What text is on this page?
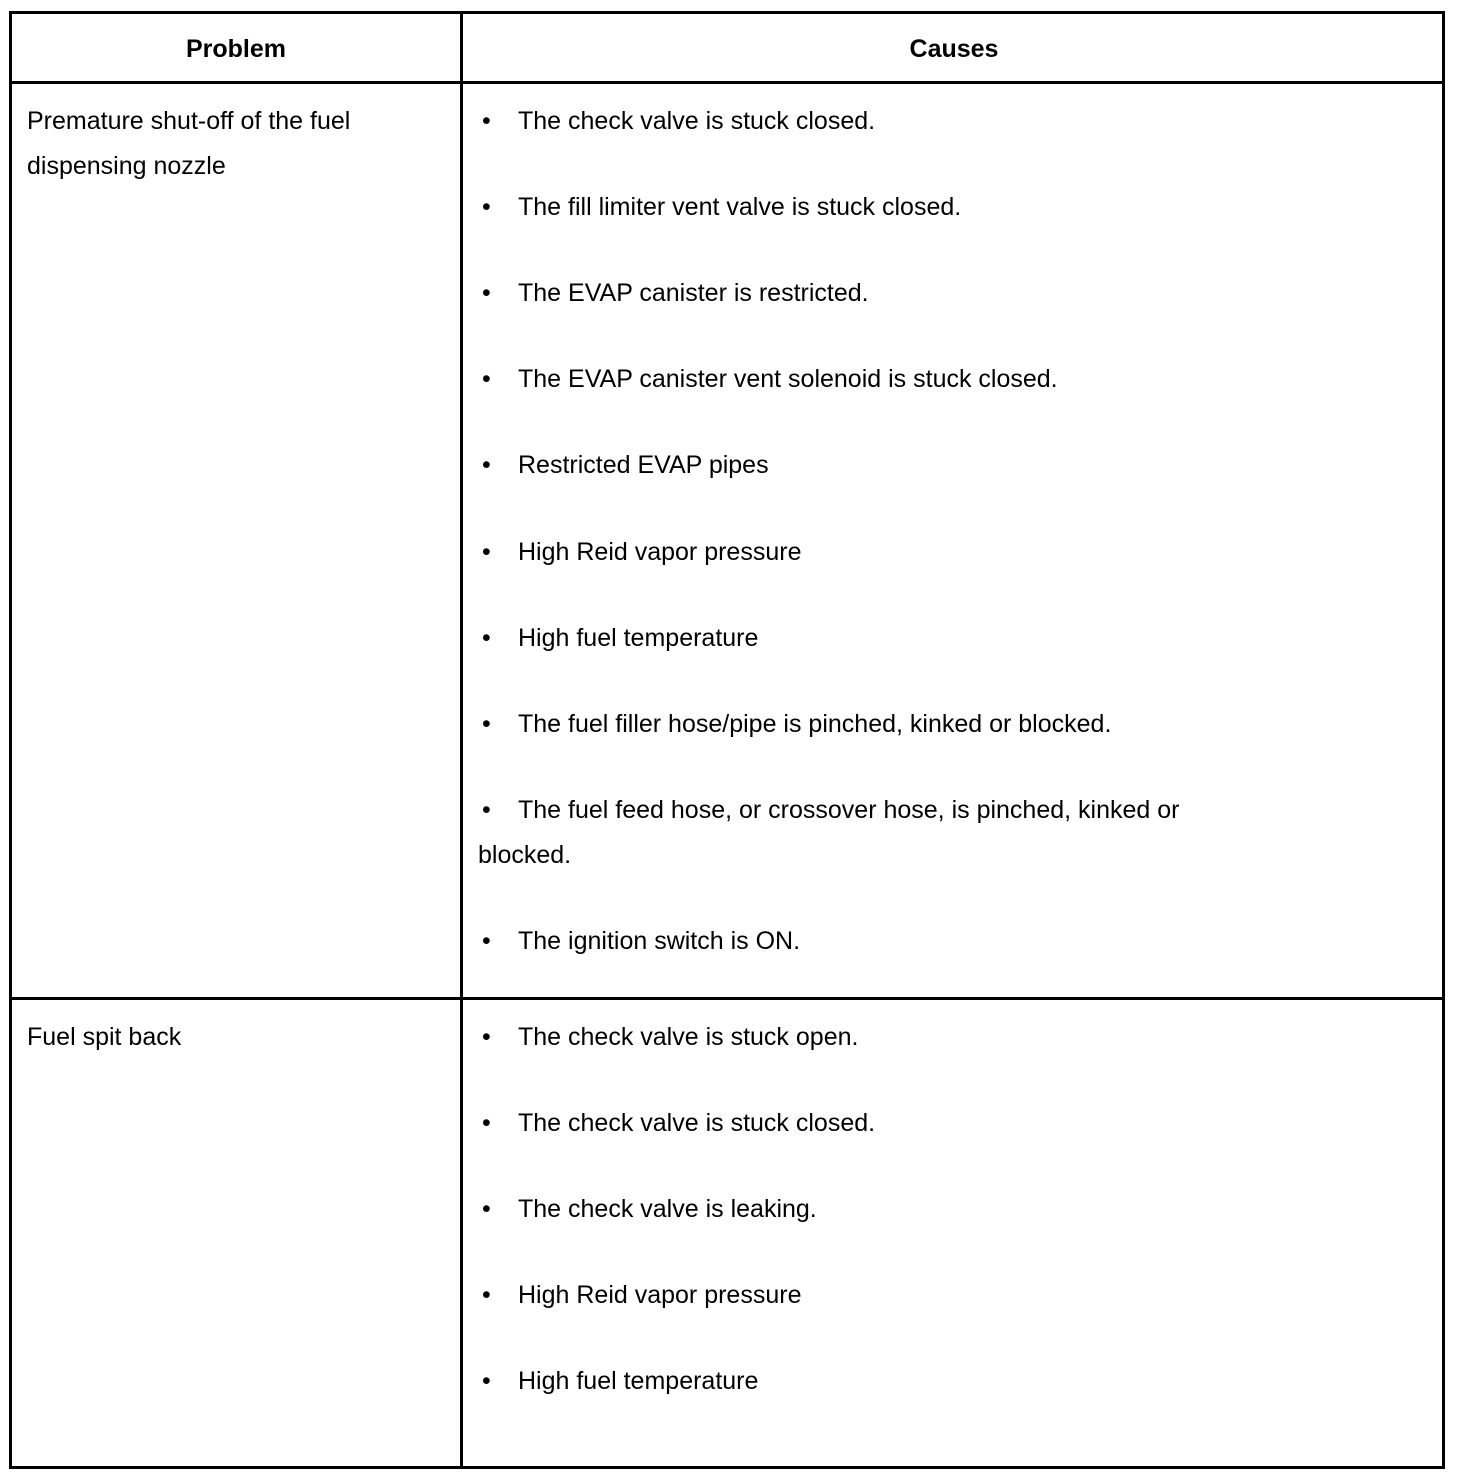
Problem	Causes
Premature shut-off of the fuel dispensing nozzle
• The check valve is stuck closed.
• The fill limiter vent valve is stuck closed.
• The EVAP canister is restricted.
• The EVAP canister vent solenoid is stuck closed.
• Restricted EVAP pipes
• High Reid vapor pressure
• High fuel temperature
• The fuel filler hose/pipe is pinched, kinked or blocked.
• The fuel feed hose, or crossover hose, is pinched, kinked or blocked.
• The ignition switch is ON.
Fuel spit back	• The check valve is stuck open.
• The check valve is stuck closed.
• The check valve is leaking.
• High Reid vapor pressure
• High fuel temperature
